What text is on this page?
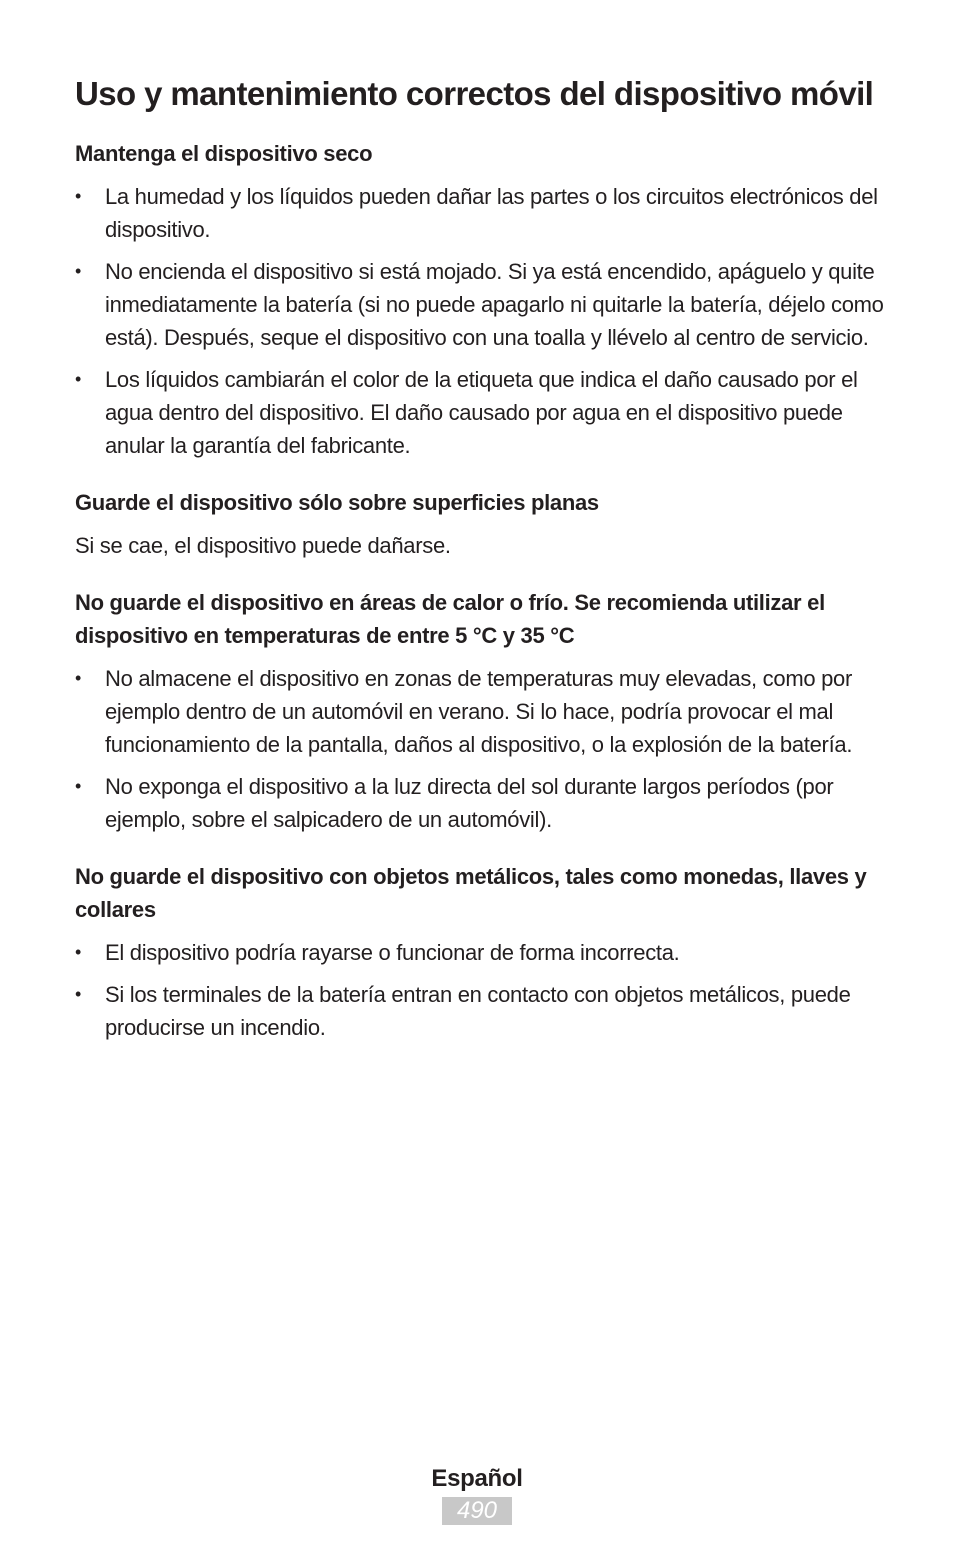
Uso y mantenimiento correctos del dispositivo móvil
Mantenga el dispositivo seco
• La humedad y los líquidos pueden dañar las partes o los circuitos electrónicos del dispositivo.
• No encienda el dispositivo si está mojado. Si ya está encendido, apáguelo y quite inmediatamente la batería (si no puede apagarlo ni quitarle la batería, déjelo como está). Después, seque el dispositivo con una toalla y llévelo al centro de servicio.
• Los líquidos cambiarán el color de la etiqueta que indica el daño causado por el agua dentro del dispositivo. El daño causado por agua en el dispositivo puede anular la garantía del fabricante.
Guarde el dispositivo sólo sobre superficies planas

Si se cae, el dispositivo puede dañarse.

No guarde el dispositivo en áreas de calor o frío. Se recomienda utilizar el dispositivo en temperaturas de entre 5 °C y 35 °C
• No almacene el dispositivo en zonas de temperaturas muy elevadas, como por ejemplo dentro de un automóvil en verano. Si lo hace, podría provocar el mal funcionamiento de la pantalla, daños al dispositivo, o la explosión de la batería.
• No exponga el dispositivo a la luz directa del sol durante largos períodos (por ejemplo, sobre el salpicadero de un automóvil).
No guarde el dispositivo con objetos metálicos, tales como monedas, llaves y collares
• El dispositivo podría rayarse o funcionar de forma incorrecta.
• Si los terminales de la batería entran en contacto con objetos metálicos, puede producirse un incendio.
Español
490
